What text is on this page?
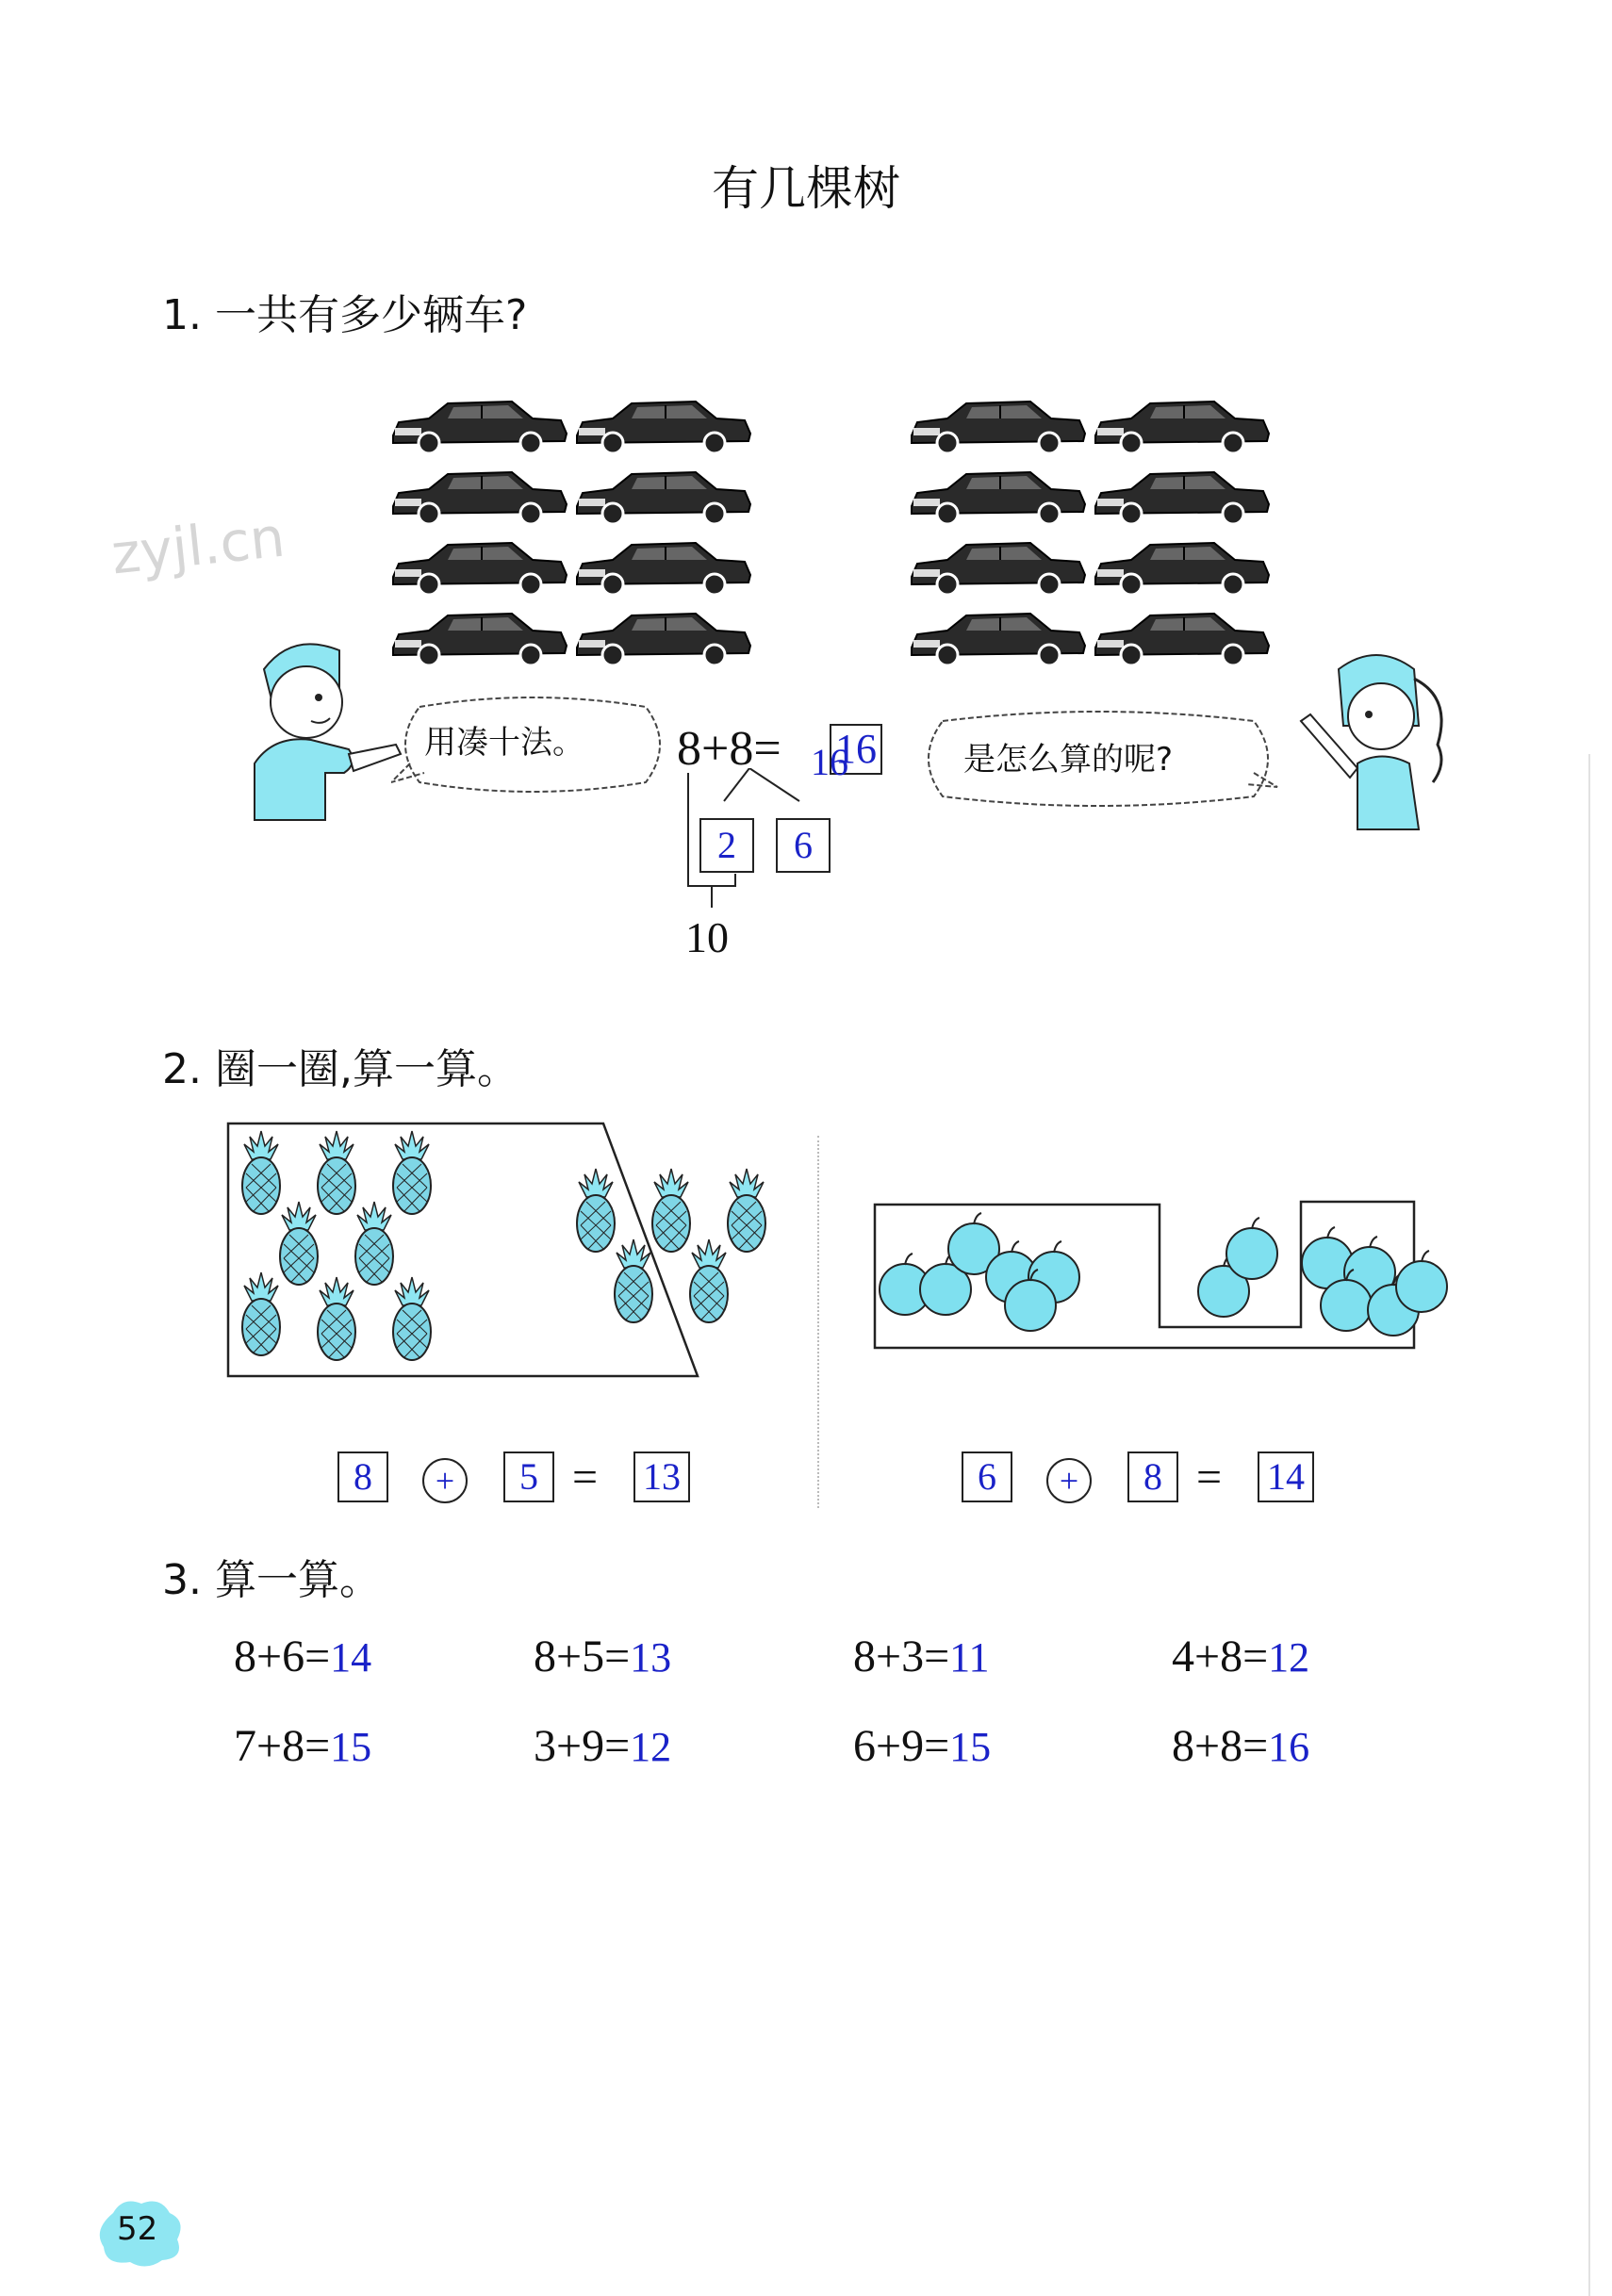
有几棵树
zyjl.cn
1. 一共有多少辆车?
用凑十法。	是怎么算的呢?
8+8= 16
16
2	6
10
2. 圈一圈,算一算。
8	+	5 = 13	6	+	8 = 14
3. 算一算。
8+6=14	8+5=13	8+3=11	4+8=12
7+8=15	3+9=12	6+9=15	8+8=16
52
